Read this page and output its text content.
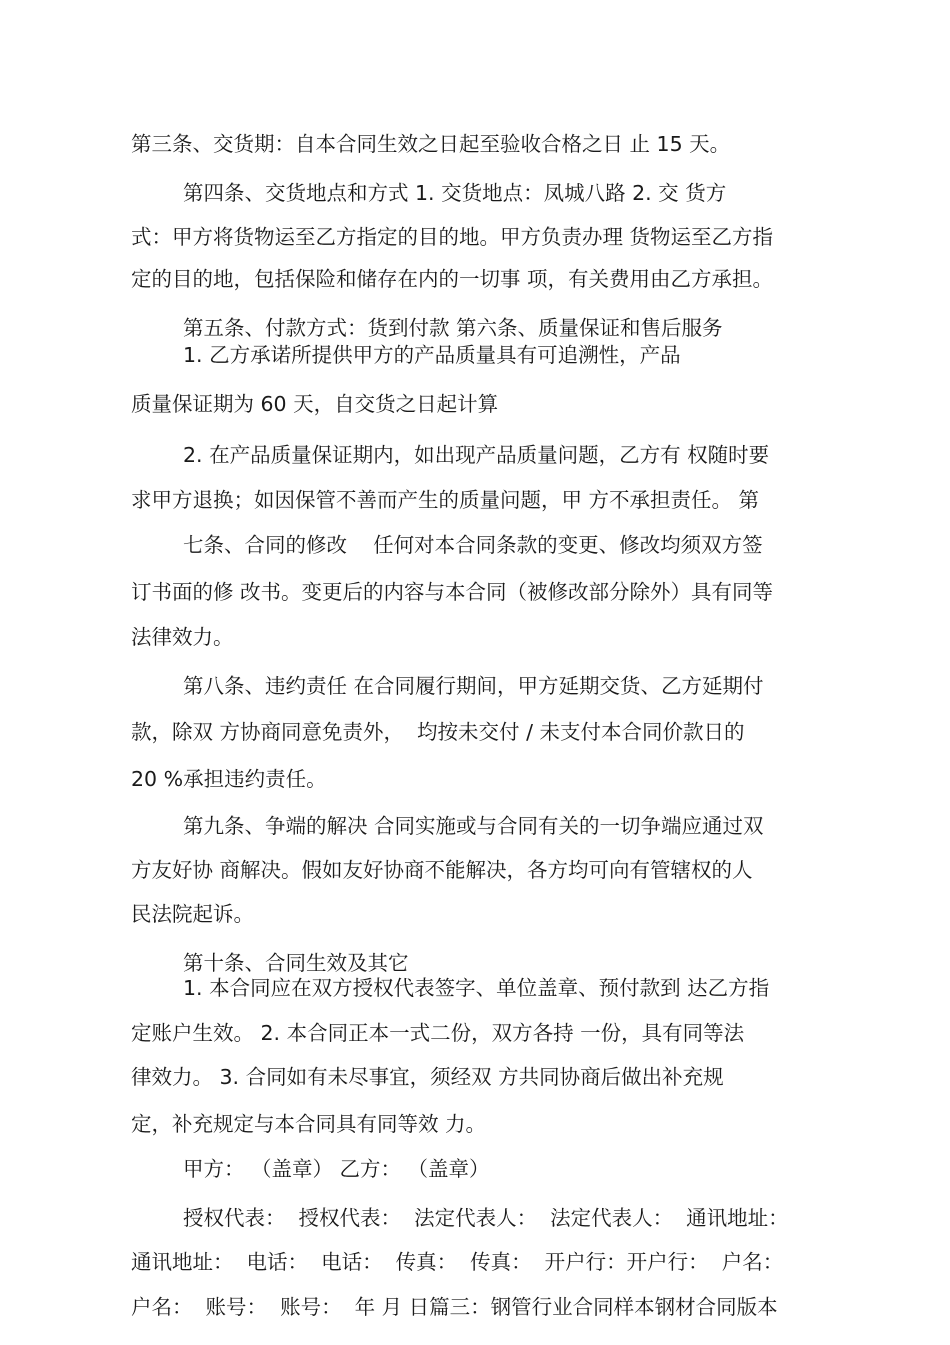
第三条、交货期：自本合同生效之日起至验收合格之日 止 15 天。

第四条、交货地点和方式 1. 交货地点：凤城八路 2. 交 货方

式：甲方将货物运至乙方指定的目的地。甲方负责办理 货物运至乙方指

定的目的地，包括保险和储存在内的一切事 项，有关费用由乙方承担。

第五条、付款方式：货到付款 第六条、质量保证和售后服务

1. 乙方承诺所提供甲方的产品质量具有可追溯性，产品

质量保证期为 60 天，自交货之日起计算

2. 在产品质量保证期内，如出现产品质量问题，乙方有 权随时要

求甲方退换；如因保管不善而产生的质量问题，甲 方不承担责任。 第

七条、合同的修改    任何对本合同条款的变更、修改均须双方签

订书面的修 改书。变更后的内容与本合同（被修改部分除外）具有同等

法律效力。

第八条、违约责任 在合同履行期间，甲方延期交货、乙方延期付

款，除双 方协商同意免责外，  均按未交付 / 未支付本合同价款日的

20 %承担违约责任。

第九条、争端的解决 合同实施或与合同有关的一切争端应通过双

方友好协 商解决。假如友好协商不能解决，各方均可向有管辖权的人

民法院起诉。

第十条、合同生效及其它

1. 本合同应在双方授权代表签字、单位盖章、预付款到 达乙方指

定账户生效。 2. 本合同正本一式二份，双方各持 一份，具有同等法

律效力。 3. 合同如有未尽事宜，须经双 方共同协商后做出补充规

定，补充规定与本合同具有同等效 力。

甲方： （盖章） 乙方： （盖章）

授权代表：  授权代表：  法定代表人：  法定代表人：  通讯地址：

通讯地址：  电话：  电话：  传真：  传真：  开户行：开户行：  户名：

户名：  账号：  账号：  年 月 日篇三：钢管行业合同样本钢材合同版本
